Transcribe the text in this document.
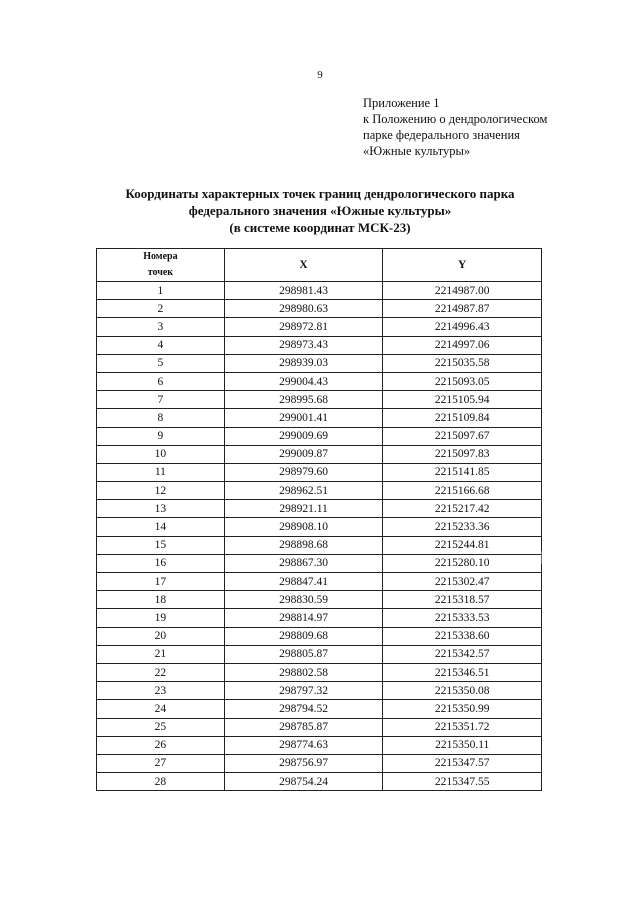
9
Приложение 1
к Положению о дендрологическом
парке федерального значения
«Южные культуры»
Координаты характерных точек границ дендрологического парка
федерального значения «Южные культуры»
(в системе координат МСК-23)
Номера
точек	X	Y
1	298981.43	2214987.00
2	298980.63	2214987.87
3	298972.81	2214996.43
4	298973.43	2214997.06
5	298939.03	2215035.58
6	299004.43	2215093.05
7	298995.68	2215105.94
8	299001.41	2215109.84
9	299009.69	2215097.67
10	299009.87	2215097.83
11	298979.60	2215141.85
12	298962.51	2215166.68
13	298921.11	2215217.42
14	298908.10	2215233.36
15	298898.68	2215244.81
16	298867.30	2215280.10
17	298847.41	2215302.47
18	298830.59	2215318.57
19	298814.97	2215333.53
20	298809.68	2215338.60
21	298805.87	2215342.57
22	298802.58	2215346.51
23	298797.32	2215350.08
24	298794.52	2215350.99
25	298785.87	2215351.72
26	298774.63	2215350.11
27	298756.97	2215347.57
28	298754.24	2215347.55
